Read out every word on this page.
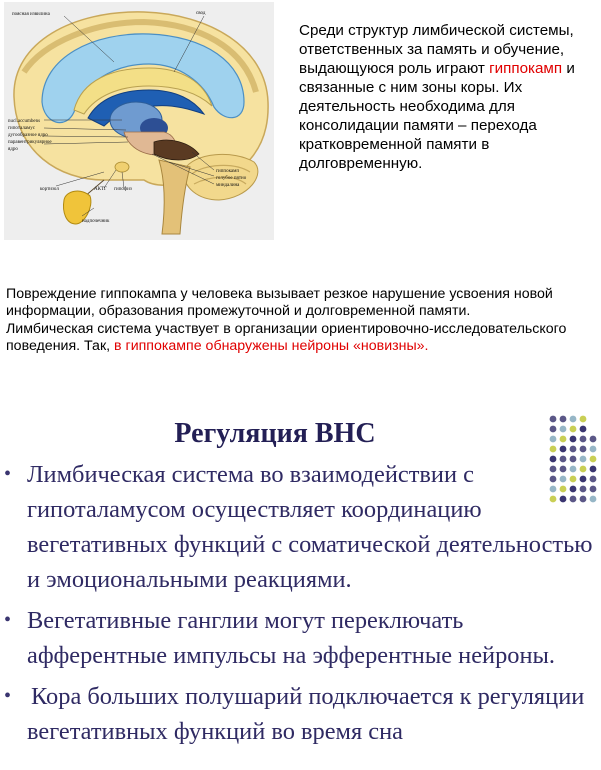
поясная извилина	свод
nucl.accumbens
гипоталамус
дугообразное ядро
паравентрикулярное
ядро
кортизол	АКТГ гипофиз
надпочечник
гиппокамп
голубое пятно
миндалина
Среди структур лимбической системы, ответственных за память и обучение, выдающуюся роль играют гиппокамп и связанные с ним зоны коры. Их деятельность необходима для консолидации памяти – перехода кратковременной памяти в долговременную.

Повреждение гиппокампа у человека вызывает резкое нарушение усвоения новой информации, образования промежуточной и долговременной памяти.

Лимбическая система участвует в организации ориентировочно-исследовательского поведения. Так, в гиппокампе обнаружены нейроны «новизны».

Регуляция ВНС
• Лимбическая система во взаимодействии с гипоталамусом осуществляет координацию вегетативных функций с соматической деятельностью и эмоциональными реакциями.
• Вегетативные ганглии могут переключать афферентные импульсы на эфферентные нейроны.
• Кора больших полушарий подключается к регуляции вегетативных функций во время сна
